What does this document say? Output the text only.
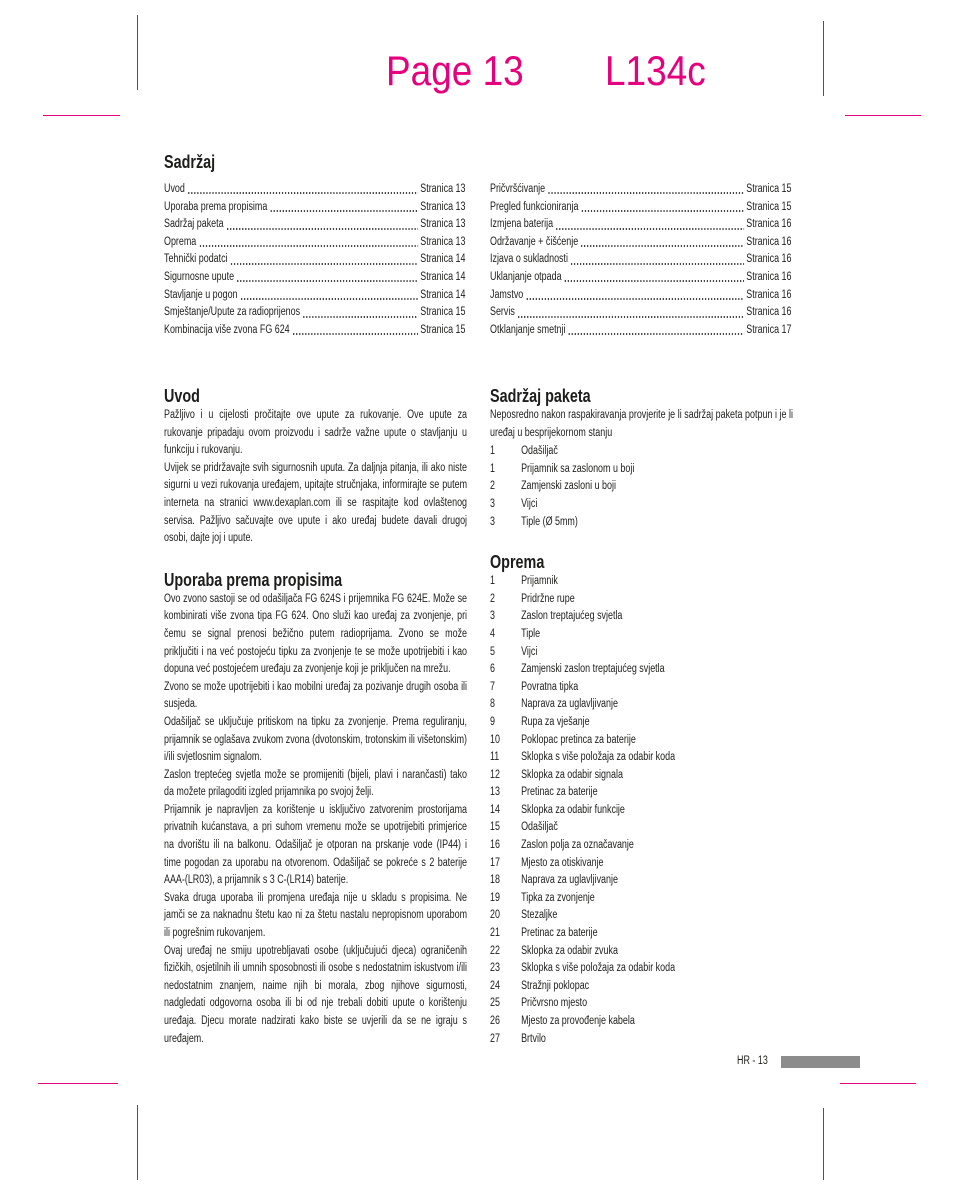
Page 13 L134c
Sadržaj
Uvod	Stranica 13
Uporaba prema propisima	Stranica 13
Sadržaj paketa	Stranica 13
Oprema	Stranica 13
Tehnički podatci	Stranica 14
Sigurnosne upute	Stranica 14
Stavljanje u pogon	Stranica 14
Smještanje/Upute za radioprijenos	Stranica 15
Kombinacija više zvona FG 624	Stranica 15
Pričvršćivanje	Stranica 15
Pregled funkcioniranja	Stranica 15
Izmjena baterija	Stranica 16
Održavanje + čišćenje	Stranica 16
Izjava o sukladnosti	Stranica 16
Uklanjanje otpada	Stranica 16
Jamstvo	Stranica 16
Servis	Stranica 16
Otklanjanje smetnji	Stranica 17
Uvod

Pažljivo i u cijelosti pročitajte ove upute za rukovanje. Ove upute za rukovanje pripadaju ovom proizvodu i sadrže važne upute o stavljanju u funkciju i rukovanju.

Uvijek se pridržavajte svih sigurnosnih uputa. Za daljnja pitanja, ili ako niste sigurni u vezi rukovanja uređajem, upitajte stručnjaka, informirajte se putem interneta na stranici www.dexaplan.com ili se raspitajte kod ovlaštenog servisa. Pažljivo sačuvajte ove upute i ako uređaj budete davali drugoj osobi, dajte joj i upute.

Uporaba prema propisima

Ovo zvono sastoji se od odašiljača FG 624S i prijemnika FG 624E. Može se kombinirati više zvona tipa FG 624. Ono služi kao uređaj za zvonjenje, pri čemu se signal prenosi bežično putem radioprijama. Zvono se može priključiti i na već postojeću tipku za zvonjenje te se može upotrijebiti i kao dopuna već postojećem uređaju za zvonjenje koji je priključen na mrežu.

Zvono se može upotrijebiti i kao mobilni uređaj za pozivanje drugih osoba ili susjeda.

Odašiljač se uključuje pritiskom na tipku za zvonjenje. Prema reguliranju, prijamnik se oglašava zvukom zvona (dvotonskim, trotonskim ili višetonskim) i/ili svjetlosnim signalom.

Zaslon treptećeg svjetla može se promijeniti (bijeli, plavi i narančasti) tako da možete prilagoditi izgled prijamnika po svojoj želji.

Prijamnik je napravljen za korištenje u isključivo zatvorenim prostorijama privatnih kućanstava, a pri suhom vremenu može se upotrijebiti primjerice na dvorištu ili na balkonu. Odašiljač je otporan na prskanje vode (IP44) i time pogodan za uporabu na otvorenom. Odašiljač se pokreće s 2 baterije AAA-(LR03), a prijamnik s 3 C-(LR14) baterije.

Svaka druga uporaba ili promjena uređaja nije u skladu s propisima. Ne jamči se za naknadnu štetu kao ni za štetu nastalu nepropisnom uporabom ili pogrešnim rukovanjem.

Ovaj uređaj ne smiju upotrebljavati osobe (uključujući djeca) ograničenih fizičkih, osjetilnih ili umnih sposobnosti ili osobe s nedostatnim iskustvom i/ili nedostatnim znanjem, naime njih bi morala, zbog njihove sigurnosti, nadgledati odgovorna osoba ili bi od nje trebali dobiti upute o korištenju uređaja. Djecu morate nadzirati kako biste se uvjerili da se ne igraju s uređajem.

Sadržaj paketa

Neposredno nakon raspakiravanja provjerite je li sadržaj paketa potpun i je li uređaj u besprijekornom stanju

1	Odašiljač
1	Prijamnik sa zaslonom u boji
2	Zamjenski zasloni u boji
3	Vijci
3	Tiple (Ø 5mm)
Oprema
1	Prijamnik
2	Pridržne rupe
3	Zaslon treptajućeg svjetla
4	Tiple
5	Vijci
6	Zamjenski zaslon treptajućeg svjetla
7	Povratna tipka
8	Naprava za uglavljivanje
9	Rupa za vješanje
10	Poklopac pretinca za baterije
11	Sklopka s više položaja za odabir koda
12	Sklopka za odabir signala
13	Pretinac za baterije
14	Sklopka za odabir funkcije
15	Odašiljač
16	Zaslon polja za označavanje
17	Mjesto za otiskivanje
18	Naprava za uglavljivanje
19	Tipka za zvonjenje
20	Stezaljke
21	Pretinac za baterije
22	Sklopka za odabir zvuka
23	Sklopka s više položaja za odabir koda
24	Stražnji poklopac
25	Pričvrsno mjesto
26	Mjesto za provođenje kabela
27	Brtvilo
HR - 13
